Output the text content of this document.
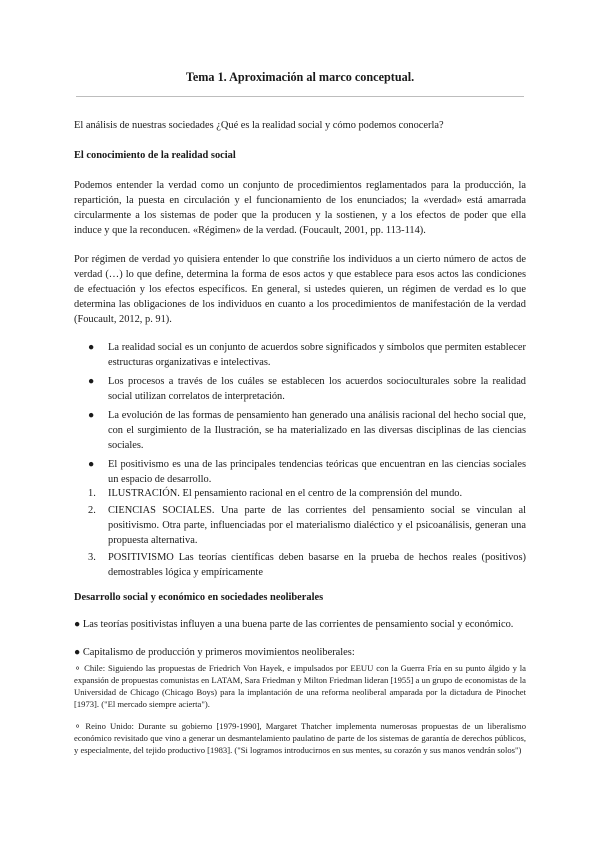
Tema 1. Aproximación al marco conceptual.
El análisis de nuestras sociedades ¿Qué es la realidad social y cómo podemos conocerla?
El conocimiento de la realidad social
Podemos entender la verdad como un conjunto de procedimientos reglamentados para la producción, la repartición, la puesta en circulación y el funcionamiento de los enunciados; la «verdad» está amarrada circularmente a los sistemas de poder que la producen y la sostienen, y a los efectos de poder que ella induce y que la reconducen. «Régimen» de la verdad. (Foucault, 2001, pp. 113-114).
Por régimen de verdad yo quisiera entender lo que constriñe los individuos a un cierto número de actos de verdad (…) lo que define, determina la forma de esos actos y que establece para esos actos las condiciones de efectuación y los efectos específicos. En general, si ustedes quieren, un régimen de verdad es lo que determina las obligaciones de los individuos en cuanto a los procedimientos de manifestación de la verdad (Foucault, 2012, p. 91).
● La realidad social es un conjunto de acuerdos sobre significados y símbolos que permiten establecer estructuras organizativas e intelectivas.
● Los procesos a través de los cuáles se establecen los acuerdos socioculturales sobre la realidad social utilizan correlatos de interpretación.
● La evolución de las formas de pensamiento han generado una análisis racional del hecho social que, con el surgimiento de la Ilustración, se ha materializado en las diversas disciplinas de las ciencias sociales.
● El positivismo es una de las principales tendencias teóricas que encuentran en las ciencias sociales un espacio de desarrollo.
1. ILUSTRACIÓN. El pensamiento racional en el centro de la comprensión del mundo.
2. CIENCIAS SOCIALES. Una parte de las corrientes del pensamiento social se vinculan al positivismo. Otra parte, influenciadas por el materialismo dialéctico y el psicoanálisis, generan una propuesta alternativa.
3. POSITIVISMO Las teorías científicas deben basarse en la prueba de hechos reales (positivos) demostrables lógica y empíricamente
Desarrollo social y económico en sociedades neoliberales
● Las teorías positivistas influyen a una buena parte de las corrientes de pensamiento social y económico.
● Capitalismo de producción y primeros movimientos neoliberales:
⚬ Chile: Siguiendo las propuestas de Friedrich Von Hayek, e impulsados por EEUU con la Guerra Fría en su punto álgido y la expansión de propuestas comunistas en LATAM, Sara Friedman y Milton Friedman lideran [1955] a un grupo de economistas de la Universidad de Chicago (Chicago Boys) para la implantación de una reforma neoliberal amparada por la dictadura de Pinochet [1973]. ("El mercado siempre acierta").
⚬ Reino Unido: Durante su gobierno [1979-1990], Margaret Thatcher implementa numerosas propuestas de un liberalismo económico revisitado que vino a generar un desmantelamiento paulatino de parte de los sistemas de garantía de derechos públicos, y especialmente, del tejido productivo [1983]. ("Si logramos introducirnos en sus mentes, su corazón y sus manos vendrán solos")
